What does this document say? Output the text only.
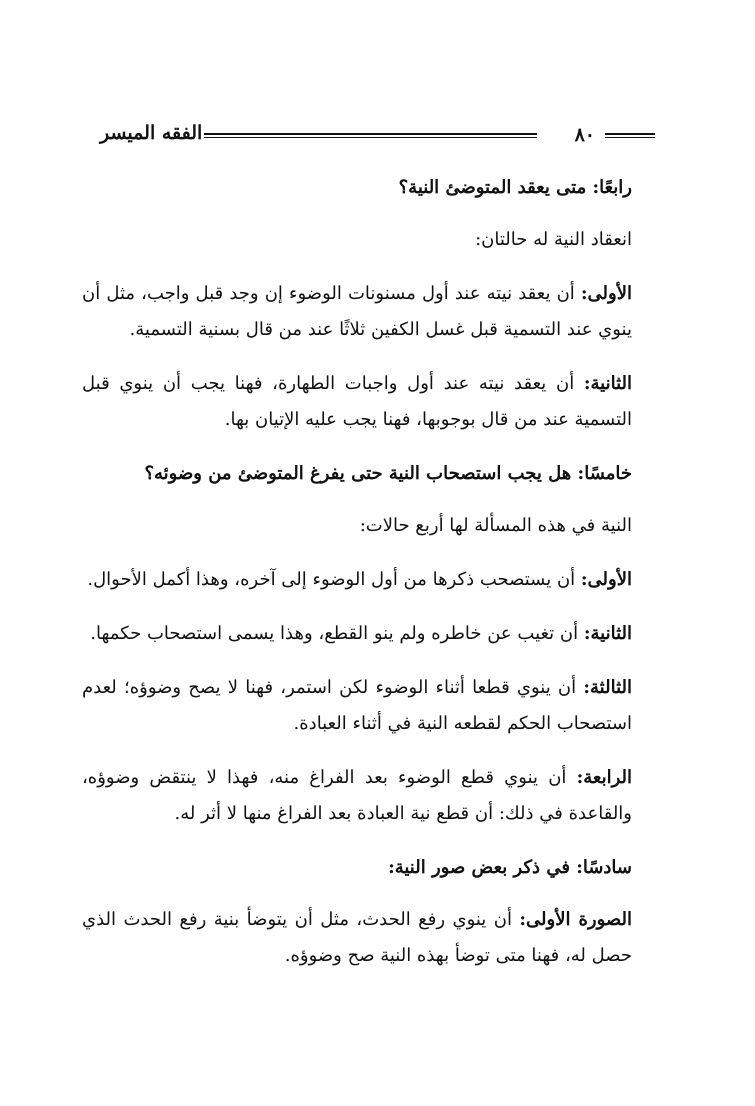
٨٠
الفقه الميسر

رابعًا: متى يعقد المتوضئ النية؟

انعقاد النية له حالتان:

الأولى: أن يعقد نيته عند أول مسنونات الوضوء إن وجد قبل واجب، مثل أن ينوي عند التسمية قبل غسل الكفين ثلاثًا عند من قال بسنية التسمية.

الثانية: أن يعقد نيته عند أول واجبات الطهارة، فهنا يجب أن ينوي قبل التسمية عند من قال بوجوبها، فهنا يجب عليه الإتيان بها.

خامسًا: هل يجب استصحاب النية حتى يفرغ المتوضئ من وضوئه؟

النية في هذه المسألة لها أربع حالات:

الأولى: أن يستصحب ذكرها من أول الوضوء إلى آخره، وهذا أكمل الأحوال.

الثانية: أن تغيب عن خاطره ولم ينو القطع، وهذا يسمى استصحاب حكمها.

الثالثة: أن ينوي قطعا أثناء الوضوء لكن استمر، فهنا لا يصح وضوؤه؛ لعدم استصحاب الحكم لقطعه النية في أثناء العبادة.

الرابعة: أن ينوي قطع الوضوء بعد الفراغ منه، فهذا لا ينتقض وضوؤه، والقاعدة في ذلك: أن قطع نية العبادة بعد الفراغ منها لا أثر له.

سادسًا: في ذكر بعض صور النية:

الصورة الأولى: أن ينوي رفع الحدث، مثل أن يتوضأ بنية رفع الحدث الذي حصل له، فهنا متى توضأ بهذه النية صح وضوؤه.
